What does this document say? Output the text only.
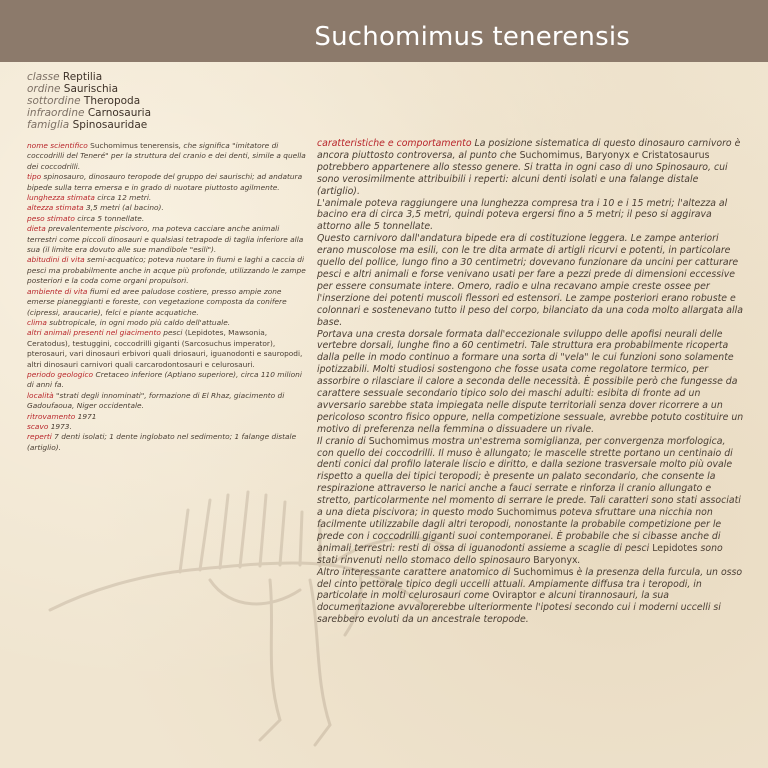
Suchomimus tenerensis
classe Reptilia
ordine Saurischia
sottordine Theropoda
infraordine Carnosauria
famiglia Spinosauridae
nome scientifico Suchomimus tenerensis, che significa "imitatore di coccodrilli del Teneré" per la struttura del cranio e dei denti, simile a quella dei coccodrilli.
tipo spinosauro, dinosauro teropode del gruppo dei saurischi; ad andatura bipede sulla terra emersa e in grado di nuotare piuttosto agilmente.
lunghezza stimata circa 12 metri.
altezza stimata 3,5 metri (al bacino).
peso stimato circa 5 tonnellate.
dieta prevalentemente piscivoro, ma poteva cacciare anche animali terrestri come piccoli dinosauri e qualsiasi tetrapode di taglia inferiore alla sua (il limite era dovuto alle sue mandibole "esili").
abitudini di vita semi-acquatico; poteva nuotare in fiumi e laghi a caccia di pesci ma probabilmente anche in acque più profonde, utilizzando le zampe posteriori e la coda come organi propulsori.
ambiente di vita fiumi ed aree paludose costiere, presso ampie zone emerse pianeggianti e foreste, con vegetazione composta da conifere (cipressi, araucarie), felci e piante acquatiche.
clima subtropicale, in ogni modo più caldo dell'attuale.
altri animali presenti nel giacimento pesci (Lepidotes, Mawsonia, Ceratodus), testuggini, coccodrilli giganti (Sarcosuchus imperator), pterosauri, vari dinosauri erbivori quali driosauri, iguanodonti e sauropodi, altri dinosauri carnivori quali carcarodontosauri e celurosauri.
periodo geologico Cretaceo inferiore (Aptiano superiore), circa 110 milioni di anni fa.
località "strati degli innominati", formazione di El Rhaz, giacimento di Gadoufaoua, Niger occidentale.
ritrovamento 1971
scavo 1973.
reperti 7 denti isolati; 1 dente inglobato nel sedimento; 1 falange distale (artiglio).

caratteristiche e comportamento La posizione sistematica di questo dinosauro carnivoro è ancora piuttosto controversa, al punto che Suchomimus, Baryonyx e Cristatosaurus potrebbero appartenere allo stesso genere. Si tratta in ogni caso di uno Spinosauro, cui sono verosimilmente attribuibili i reperti: alcuni denti isolati e una falange distale (artiglio).

L'animale poteva raggiungere una lunghezza compresa tra i 10 e i 15 metri; l'altezza al bacino era di circa 3,5 metri, quindi poteva ergersi fino a 5 metri; il peso si aggirava attorno alle 5 tonnellate.

Questo carnivoro dall'andatura bipede era di costituzione leggera. Le zampe anteriori erano muscolose ma esili, con le tre dita armate di artigli ricurvi e potenti, in particolare quello del pollice, lungo fino a 30 centimetri; dovevano funzionare da uncini per catturare pesci e altri animali e forse venivano usati per fare a pezzi prede di dimensioni eccessive per essere consumate intere. Omero, radio e ulna recavano ampie creste ossee per l'inserzione dei potenti muscoli flessori ed estensori. Le zampe posteriori erano robuste e colonnari e sostenevano tutto il peso del corpo, bilanciato da una coda molto allargata alla base.

Portava una cresta dorsale formata dall'eccezionale sviluppo delle apofisi neurali delle vertebre dorsali, lunghe fino a 60 centimetri. Tale struttura era probabilmente ricoperta dalla pelle in modo continuo a formare una sorta di "vela" le cui funzioni sono solamente ipotizzabili. Molti studiosi sostengono che fosse usata come regolatore termico, per assorbire o rilasciare il calore a seconda delle necessità. È possibile però che fungesse da carattere sessuale secondario tipico solo dei maschi adulti: esibita di fronte ad un avversario sarebbe stata impiegata nelle dispute territoriali senza dover ricorrere a un pericoloso scontro fisico oppure, nella competizione sessuale, avrebbe potuto costituire un motivo di preferenza nella femmina o dissuadere un rivale.

Il cranio di Suchomimus mostra un'estrema somiglianza, per convergenza morfologica, con quello dei coccodrilli. Il muso è allungato; le mascelle strette portano un centinaio di denti conici dal profilo laterale liscio e diritto, e dalla sezione trasversale molto più ovale rispetto a quella dei tipici teropodi; è presente un palato secondario, che consente la respirazione attraverso le narici anche a fauci serrate e rinforza il cranio allungato e stretto, particolarmente nel momento di serrare le prede. Tali caratteri sono stati associati a una dieta piscivora; in questo modo Suchomimus poteva sfruttare una nicchia non facilmente utilizzabile dagli altri teropodi, nonostante la probabile competizione per le prede con i coccodrilli giganti suoi contemporanei. È probabile che si cibasse anche di animali terrestri: resti di ossa di iguanodonti assieme a scaglie di pesci Lepidotes sono stati rinvenuti nello stomaco dello spinosauro Baryonyx.

Altro interessante carattere anatomico di Suchomimus è la presenza della furcula, un osso del cinto pettorale tipico degli uccelli attuali. Ampiamente diffusa tra i teropodi, in particolare in molti celurosauri come Oviraptor e alcuni tirannosauri, la sua documentazione avvalorerebbe ulteriormente l'ipotesi secondo cui i moderni uccelli si sarebbero evoluti da un ancestrale teropode.
